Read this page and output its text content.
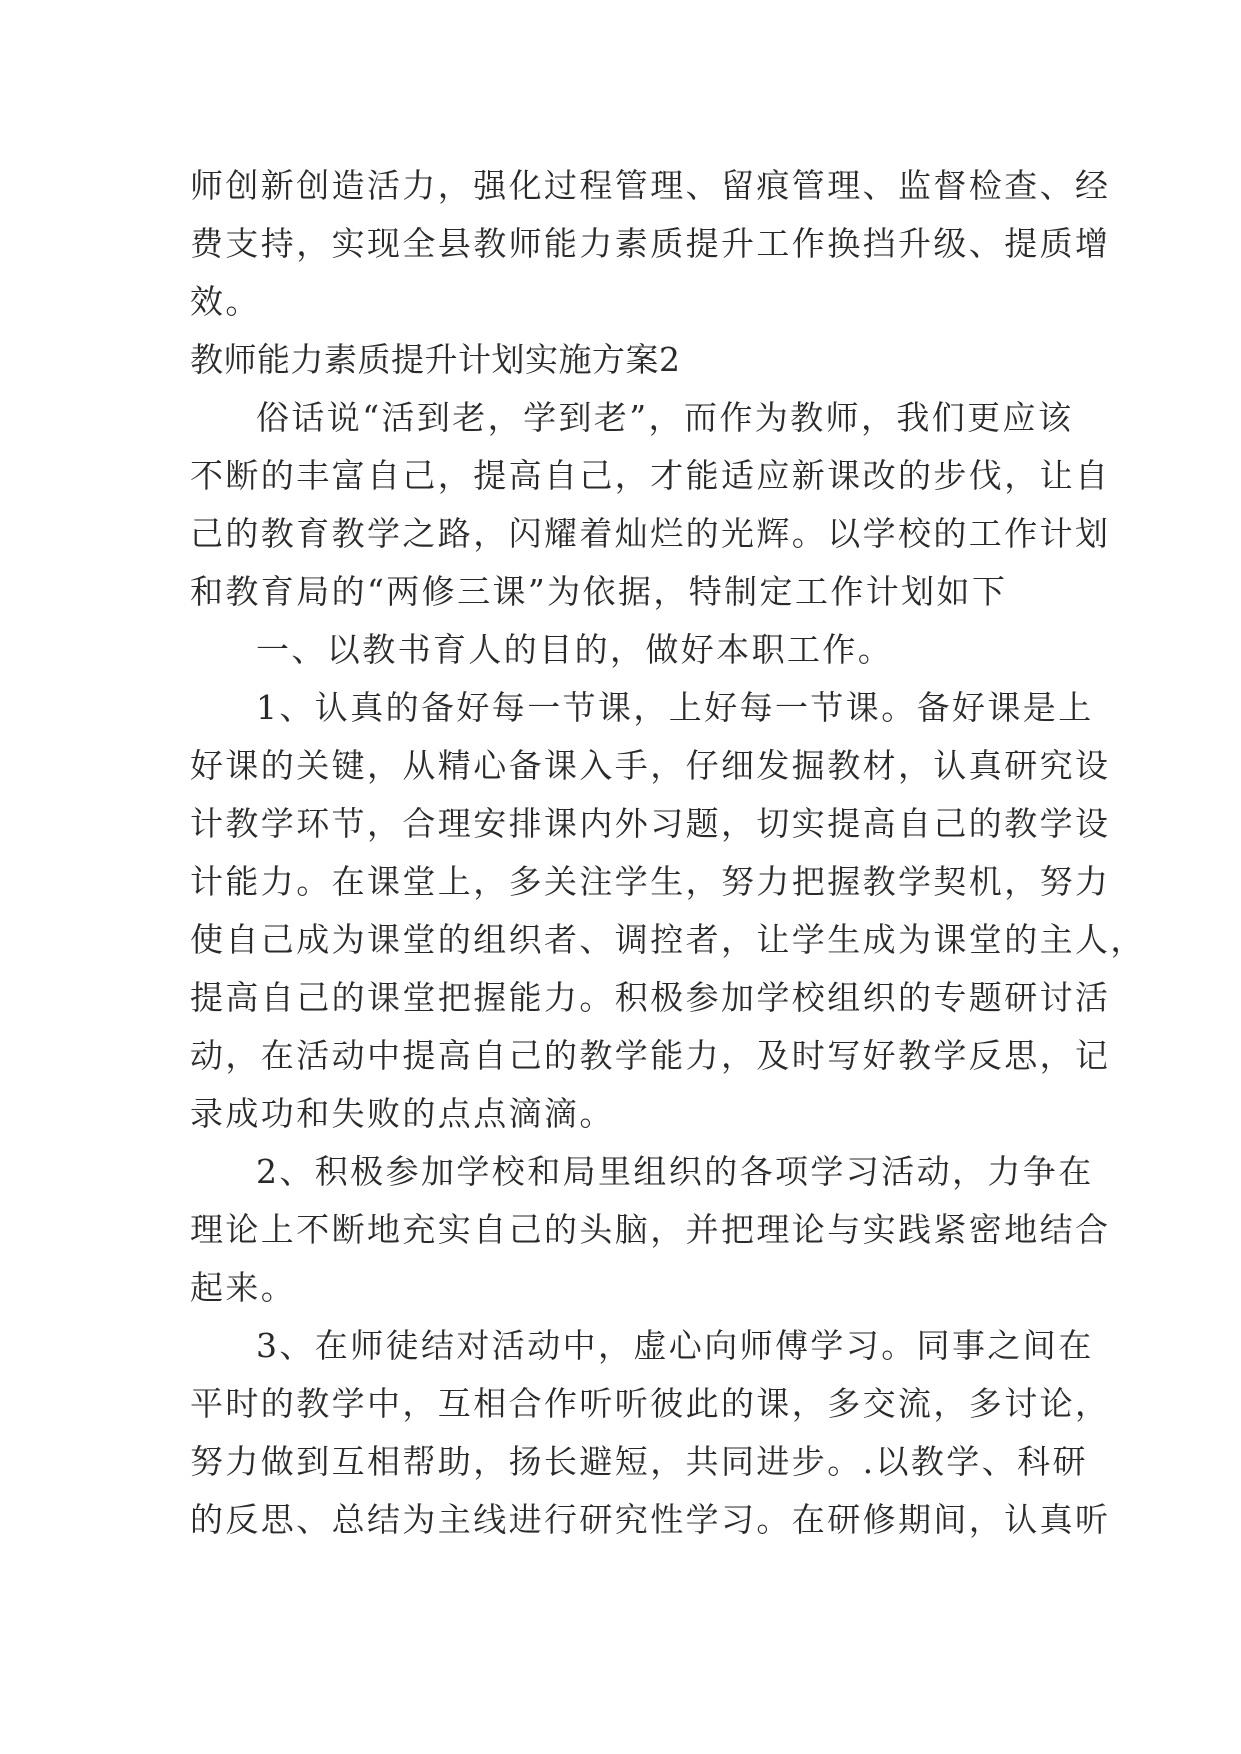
师创新创造活力，强化过程管理、留痕管理、监督检查、经
费支持，实现全县教师能力素质提升工作换挡升级、提质增
效。
教师能力素质提升计划实施方案2
俗话说“活到老，学到老”，而作为教师，我们更应该
不断的丰富自己，提高自己，才能适应新课改的步伐，让自
己的教育教学之路，闪耀着灿烂的光辉。以学校的工作计划
和教育局的“两修三课”为依据，特制定工作计划如下
一、以教书育人的目的，做好本职工作。
1、认真的备好每一节课，上好每一节课。备好课是上
好课的关键，从精心备课入手，仔细发掘教材，认真研究设
计教学环节，合理安排课内外习题，切实提高自己的教学设
计能力。在课堂上，多关注学生，努力把握教学契机，努力
使自己成为课堂的组织者、调控者，让学生成为课堂的主人，
提高自己的课堂把握能力。积极参加学校组织的专题研讨活
动，在活动中提高自己的教学能力，及时写好教学反思，记
录成功和失败的点点滴滴。
2、积极参加学校和局里组织的各项学习活动，力争在
理论上不断地充实自己的头脑，并把理论与实践紧密地结合
起来。
3、在师徒结对活动中，虚心向师傅学习。同事之间在
平时的教学中，互相合作听听彼此的课，多交流，多讨论，
努力做到互相帮助，扬长避短，共同进步。.以教学、科研
的反思、总结为主线进行研究性学习。在研修期间，认真听
